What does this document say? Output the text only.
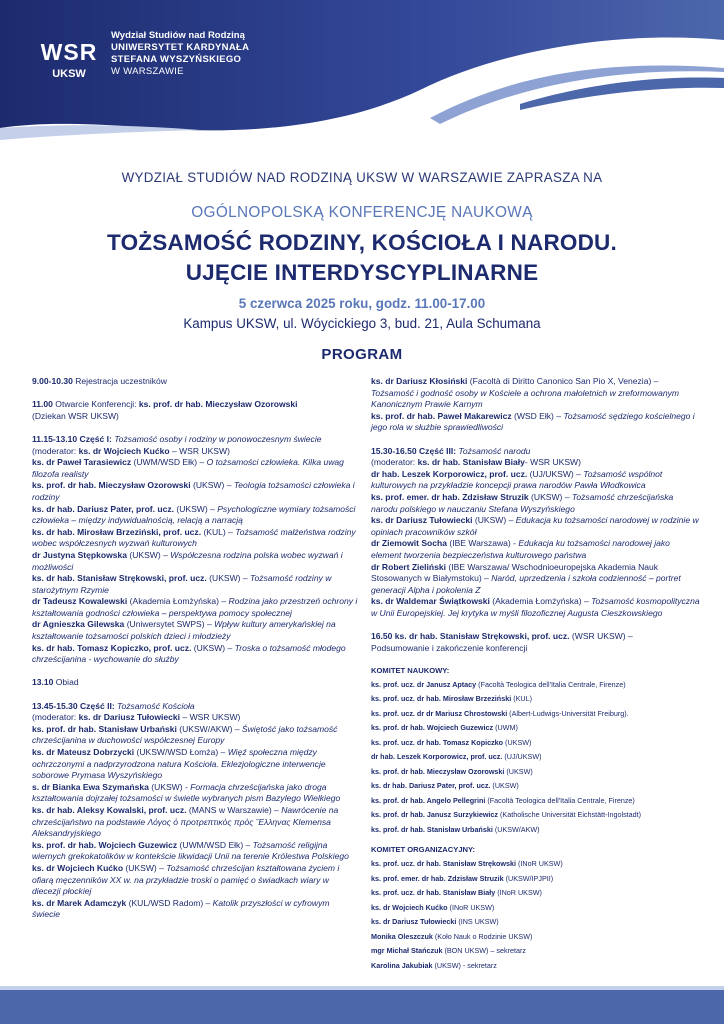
WSR
UKSW
Wydział Studiów nad Rodziną
UNIWERSYTET KARDYNAŁA
STEFANA WYSZYŃSKIEGO
W WARSZAWIE
WYDZIAŁ STUDIÓW NAD RODZINĄ UKSW W WARSZAWIE ZAPRASZA NA
OGÓLNOPOLSKĄ KONFERENCJĘ NAUKOWĄ
TOŻSAMOŚĆ RODZINY, KOŚCIOŁA I NARODU.
UJĘCIE INTERDYSCYPLINARNE
5 czerwca 2025 roku, godz. 11.00-17.00
Kampus UKSW, ul. Wóycickiego 3, bud. 21, Aula Schumana
PROGRAM
9.00-10.30 Rejestracja uczestników
11.00 Otwarcie Konferencji: ks. prof. dr hab. Mieczysław Ozorowski
(Dziekan WSR UKSW)
11.15-13.10 Część I: Tożsamość osoby i rodziny w ponowoczesnym świecie
(moderator: ks. dr Wojciech Kućko – WSR UKSW)
ks. dr Paweł Tarasiewicz (UWM/WSD Ełk) – O tożsamości człowieka. Kilka uwag filozofa realisty
ks. prof. dr hab. Mieczysław Ozorowski (UKSW) – Teologia tożsamości człowieka i rodziny
ks. dr hab. Dariusz Pater, prof. ucz. (UKSW) – Psychologiczne wymiary tożsamości człowieka – między indywidualnością, relacją a narracją
ks. dr hab. Mirosław Brzeziński, prof. ucz. (KUL) – Tożsamość małżeństwa rodziny wobec współczesnych wyzwań kulturowych
dr Justyna Stępkowska (UKSW) – Współczesna rodzina polska wobec wyzwań i możliwości
ks. dr hab. Stanisław Strękowski, prof. ucz. (UKSW) – Tożsamość rodziny w starożytnym Rzymie
dr Tadeusz Kowalewski (Akademia Łomżyńska) – Rodzina jako przestrzeń ochrony i kształtowania godności człowieka – perspektywa pomocy społecznej
dr Agnieszka Gilewska (Uniwersytet SWPS) – Wpływ kultury amerykańskiej na kształtowanie tożsamości polskich dzieci i młodzieży
ks. dr hab. Tomasz Kopiczko, prof. ucz. (UKSW) – Troska o tożsamość młodego chrześcijanina - wychowanie do służby
13.10 Obiad
13.45-15.30 Część II: Tożsamość Kościoła
(moderator: ks. dr Dariusz Tułowiecki – WSR UKSW)
ks. prof. dr hab. Stanisław Urbański (UKSW/AKW) – Świętość jako tożsamość chrześcijanina w duchowości współczesnej Europy
ks. dr Mateusz Dobrzycki (UKSW/WSD Łomża) – Więź społeczna między ochrzczonymi a nadprzyrodzona natura Kościoła. Eklezjologiczne interwencje soborowe Prymasa Wyszyńskiego
s. dr Bianka Ewa Szymańska (UKSW) - Formacja chrześcijańska jako droga kształtowania dojrzałej tożsamości w świetle wybranych pism Bazylego Wielkiego
ks. dr hab. Aleksy Kowalski, prof. ucz. (MANS w Warszawie) – Nawrócenie na chrześcijaństwo na podstawie Λόγος ὁ προτρεπτικὸς πρὸς Ἕλληνας Klemensa Aleksandryjskiego
ks. prof. dr hab. Wojciech Guzewicz (UWM/WSD Ełk) – Tożsamość religijna wiernych grekokatolików w kontekście likwidacji Unii na terenie Królestwa Polskiego
ks. dr Wojciech Kućko (UKSW) – Tożsamość chrześcijan kształtowana życiem i ofiarą męczenników XX w. na przykładzie troski o pamięć o świadkach wiary w diecezji płockiej
ks. dr Marek Adamczyk (KUL/WSD Radom) – Katolik przyszłości w cyfrowym świecie
ks. dr Dariusz Kłosiński (Facoltà di Diritto Canonico San Pio X, Venezia) – Tożsamość i godność osoby w Kościele a ochrona małoletnich w zreformowanym Kanonicznym Prawie Karnym
ks. prof. dr hab. Paweł Makarewicz (WSD Ełk) – Tożsamość sędziego kościelnego i jego rola w służbie sprawiedliwości
15.30-16.50 Część III: Tożsamość narodu
(moderator: ks. dr hab. Stanisław Biały- WSR UKSW)
dr hab. Leszek Korporowicz, prof. ucz. (UJ/UKSW) – Tożsamość wspólnot kulturowych na przykładzie koncepcji prawa narodów Pawła Włodkowica
ks. prof. emer. dr hab. Zdzisław Struzik (UKSW) – Tożsamość chrześcijańska narodu polskiego w nauczaniu Stefana Wyszyńskiego
ks. dr Dariusz Tułowiecki (UKSW) – Edukacja ku tożsamości narodowej w rodzinie w opiniach pracowników szkół
dr Ziemowit Socha (IBE Warszawa) - Edukacja ku tożsamości narodowej jako element tworzenia bezpieczeństwa kulturowego państwa
dr Robert Zieliński (IBE Warszawa/ Wschodnioeuropejska Akademia Nauk Stosowanych w Białymstoku) – Naród, uprzedzenia i szkoła codzienność – portret generacji Alpha i pokolenia Z
ks. dr Waldemar Świątkowski (Akademia Łomżyńska) – Tożsamość kosmopolityczna w Unii Europejskiej. Jej krytyka w myśli filozoficznej Augusta Cieszkowskiego
16.50 ks. dr hab. Stanisław Strękowski, prof. ucz. (WSR UKSW) –
Podsumowanie i zakończenie konferencji
KOMITET NAUKOWY:
ks. prof. ucz. dr Janusz Aptacy (Facoltà Teologica dell'Italia Centrale, Firenze)
ks. prof. ucz. dr hab. Mirosław Brzeziński (KUL)
ks. prof. ucz. dr dr Mariusz Chrostowski (Albert-Ludwigs-Universität Freiburg).
ks. prof. dr hab. Wojciech Guzewicz (UWM)
ks. prof. ucz. dr hab. Tomasz Kopiczko (UKSW)
dr hab. Leszek Korporowicz, prof. ucz. (UJ/UKSW)
ks. prof. dr hab. Mieczysław Ozorowski (UKSW)
ks. dr hab. Dariusz Pater, prof. ucz. (UKSW)
ks. prof. dr hab. Angelo Pellegrini (Facoltà Teologica dell'Italia Centrale, Firenze)
ks. prof. dr hab. Janusz Surzykiewicz (Katholische Universität Eichstätt-Ingolstadt)
ks. prof. dr hab. Stanisław Urbański (UKSW/AKW)
KOMITET ORGANIZACYJNY:
ks. prof. ucz. dr hab. Stanisław Strękowski (INoR UKSW)
ks. prof. emer. dr hab. Zdzisław Struzik (UKSW/IPJPII)
ks. prof. ucz. dr hab. Stanisław Biały (INoR UKSW)
ks. dr Wojciech Kućko (INoR UKSW)
ks. dr Dariusz Tułowiecki (INS UKSW)
Monika Oleszczuk (Koło Nauk o Rodzinie UKSW)
mgr Michał Stańczuk (BON UKSW) – sekretarz
Karolina Jakubiak (UKSW) - sekretarz
